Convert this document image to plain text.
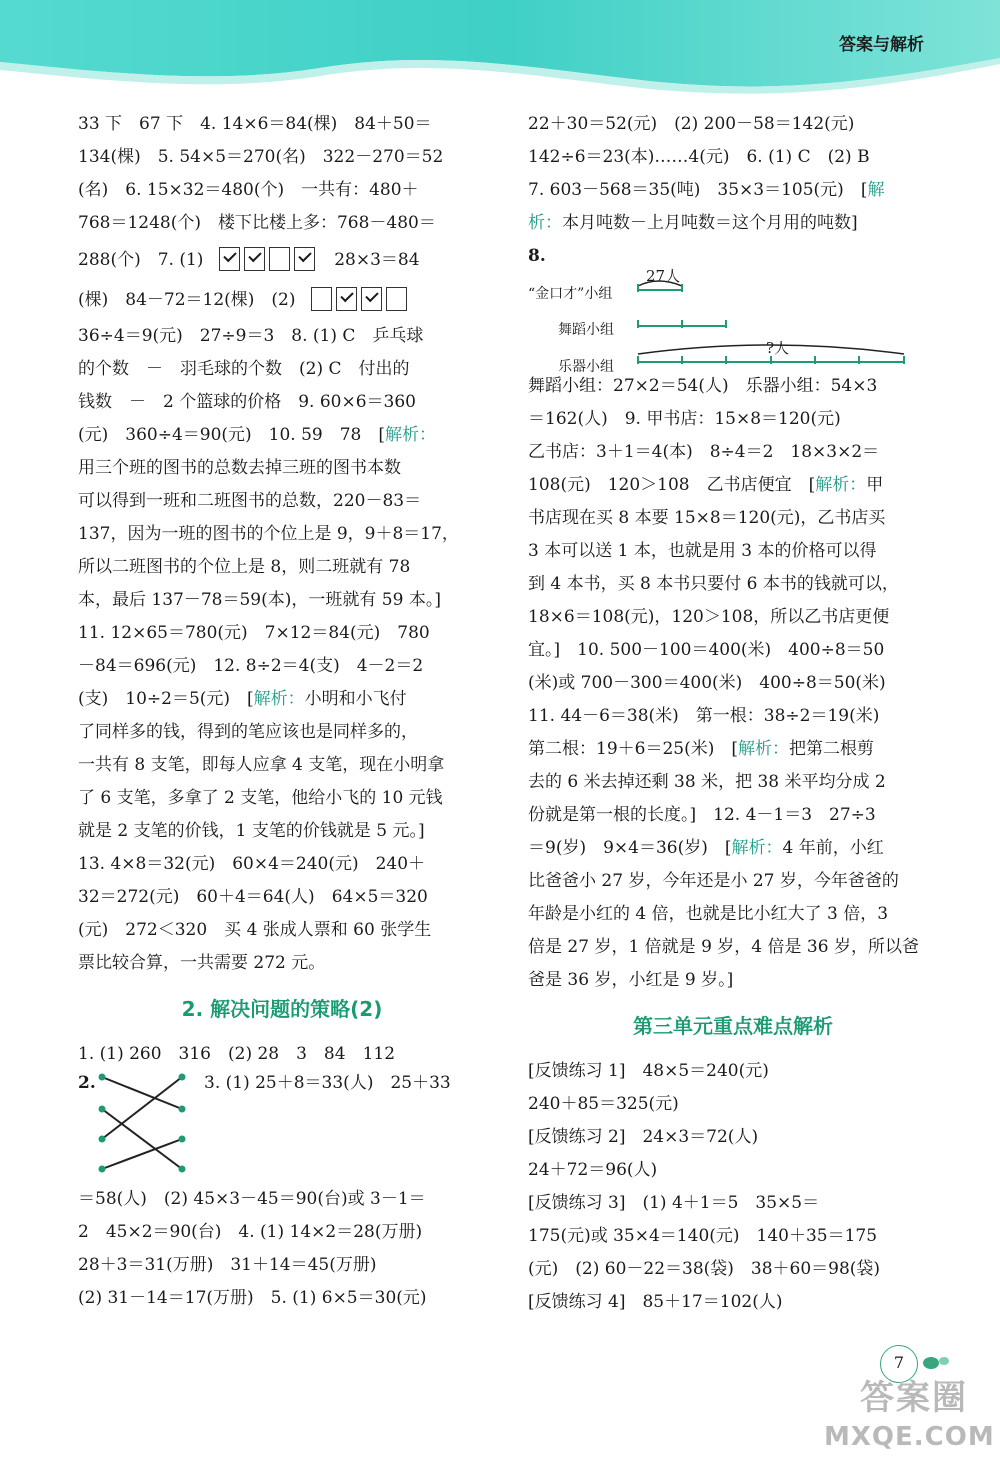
答案与解析
33 下　67 下　4. 14×6＝84(棵)　84＋50＝
134(棵)　5. 54×5＝270(名)　322－270＝52
(名)　6. 15×32＝480(个)　一共有：480＋
768＝1248(个)　楼下比楼上多：768－480＝
288(个)　7. (1)	28×3＝84
(棵)　84－72＝12(棵)　(2)
36÷4＝9(元)　27÷9＝3　8. (1) C　乒乓球
的个数　－　羽毛球的个数　(2) C　付出的
钱数　－　2 个篮球的价格　9. 60×6＝360
(元)　360÷4＝90(元)　10. 59　78　[解析：
用三个班的图书的总数去掉三班的图书本数
可以得到一班和二班图书的总数，220－83＝
137，因为一班的图书的个位上是 9，9＋8＝17，
所以二班图书的个位上是 8，则二班就有 78
本，最后 137－78＝59(本)，一班就有 59 本。]
11. 12×65＝780(元)　7×12＝84(元)　780
－84＝696(元)　12. 8÷2＝4(支)　4－2＝2
(支)　10÷2＝5(元)　[解析：小明和小飞付
了同样多的钱，得到的笔应该也是同样多的，
一共有 8 支笔，即每人应拿 4 支笔，现在小明拿
了 6 支笔，多拿了 2 支笔，他给小飞的 10 元钱
就是 2 支笔的价钱，1 支笔的价钱就是 5 元。]
13. 4×8＝32(元)　60×4＝240(元)　240＋
32＝272(元)　60＋4＝64(人)　64×5＝320
(元)　272＜320　买 4 张成人票和 60 张学生
票比较合算，一共需要 272 元。
2. 解决问题的策略(2)
1. (1) 260　316　(2) 28　3　84　112
2.	3. (1) 25＋8＝33(人)　25＋33
＝58(人)　(2) 45×3－45＝90(台)或 3－1＝
2　45×2＝90(台)　4. (1) 14×2＝28(万册)
28＋3＝31(万册)　31＋14＝45(万册)
(2) 31－14＝17(万册)　5. (1) 6×5＝30(元)
22＋30＝52(元)　(2) 200－58＝142(元)
142÷6＝23(本)……4(元)　6. (1) C　(2) B
7. 603－568＝35(吨)　35×3＝105(元)　[解
析：本月吨数－上月吨数＝这个月用的吨数]
8.
“金口才”小组
舞蹈小组
乐器小组
27人
?人
舞蹈小组：27×2＝54(人)　乐器小组：54×3
＝162(人)　9. 甲书店：15×8＝120(元)
乙书店：3＋1＝4(本)　8÷4＝2　18×3×2＝
108(元)　120＞108　乙书店便宜　[解析：甲
书店现在买 8 本要 15×8＝120(元)，乙书店买
3 本可以送 1 本，也就是用 3 本的价格可以得
到 4 本书，买 8 本书只要付 6 本书的钱就可以，
18×6＝108(元)，120＞108，所以乙书店更便
宜。]　10. 500－100＝400(米)　400÷8＝50
(米)或 700－300＝400(米)　400÷8＝50(米)
11. 44－6＝38(米)　第一根：38÷2＝19(米)
第二根：19＋6＝25(米)　[解析：把第二根剪
去的 6 米去掉还剩 38 米，把 38 米平均分成 2
份就是第一根的长度。]　12. 4－1＝3　27÷3
＝9(岁)　9×4＝36(岁)　[解析：4 年前，小红
比爸爸小 27 岁，今年还是小 27 岁，今年爸爸的
年龄是小红的 4 倍，也就是比小红大了 3 倍，3
倍是 27 岁，1 倍就是 9 岁，4 倍是 36 岁，所以爸
爸是 36 岁，小红是 9 岁。]
第三单元重点难点解析
[反馈练习 1]　48×5＝240(元)
240＋85＝325(元)
[反馈练习 2]　24×3＝72(人)
24＋72＝96(人)
[反馈练习 3]　(1) 4＋1＝5　35×5＝
175(元)或 35×4＝140(元)　140＋35＝175
(元)　(2) 60－22＝38(袋)　38＋60＝98(袋)
[反馈练习 4]　85＋17＝102(人)
7
答案圈
MXQE.COM
